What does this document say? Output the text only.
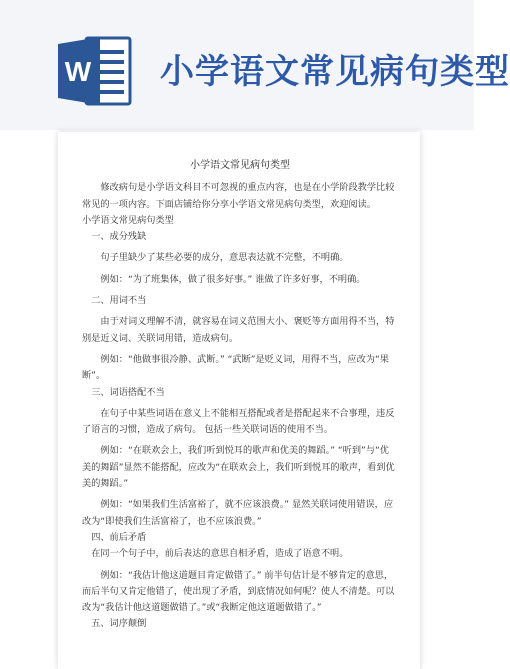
W 小学语文常见病句类型

小学语文常见病句类型

修改病句是小学语文科目不可忽视的重点内容，也是在小学阶段教学比较常见的一项内容。下面店铺给你分享小学语文常见病句类型，欢迎阅读。

小学语文常见病句类型

一、成分残缺

句子里缺少了某些必要的成分，意思表达就不完整，不明确。

例如：“为了班集体，做了很多好事。” 谁做了许多好事，不明确。

二、用词不当

由于对词义理解不清，就容易在词义范围大小、褒贬等方面用得不当，特别是近义词、关联词用错，造成病句。

例如：“他做事很冷静、武断。” “武断”是贬义词，用得不当，应改为“果断”。

三、词语搭配不当

在句子中某些词语在意义上不能相互搭配或者是搭配起来不合事理，违反了语言的习惯，造成了病句。 包括一些关联词语的使用不当。

例如：“在联欢会上，我们听到悦耳的歌声和优美的舞蹈。” “听到”与“优美的舞蹈”显然不能搭配，应改为“在联欢会上，我们听到悦耳的歌声，看到优美的舞蹈。”

例如：“如果我们生活富裕了，就不应该浪费。” 显然关联词使用错误，应改为“即使我们生活富裕了，也不应该浪费。”

四、前后矛盾

在同一个句子中，前后表达的意思自相矛盾，造成了语意不明。

例如：“我估计他这道题目肯定做错了。” 前半句估计是不够肯定的意思，而后半句又肯定他错了，使出现了矛盾，到底情况如何呢？使人不清楚。可以改为“我估计他这道题做错了。”或“我断定他这道题做错了。”

五、词序颠倒
